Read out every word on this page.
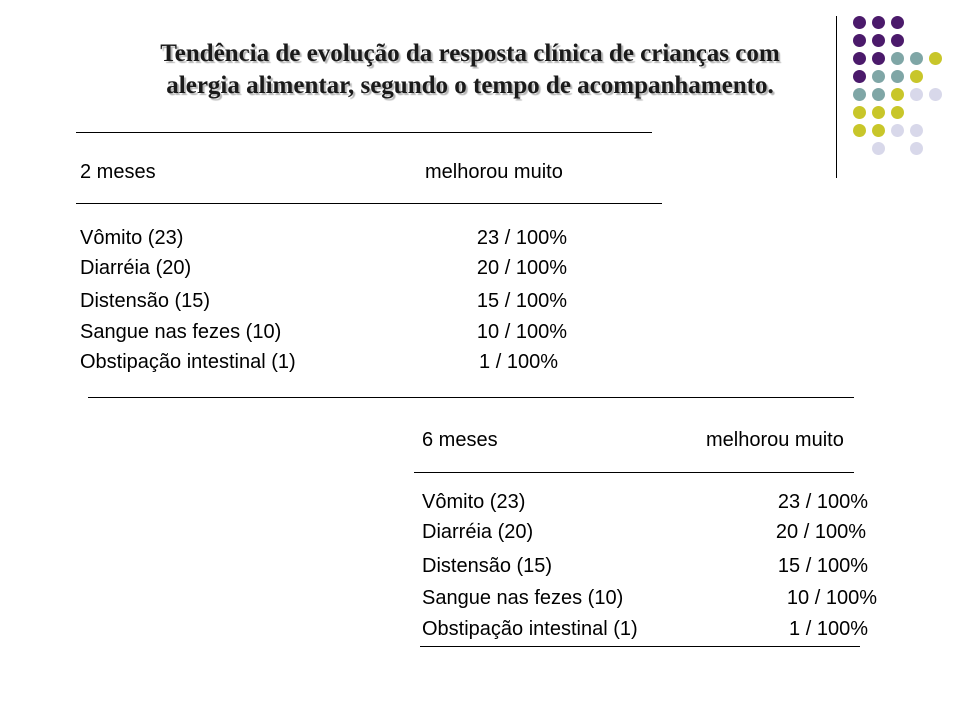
Tendência de evolução da resposta clínica de crianças com
alergia alimentar, segundo o tempo de acompanhamento.
2 meses	melhorou muito
Vômito (23)	23 / 100%
Diarréia (20)	20 / 100%
Distensão (15)	15 / 100%
Sangue nas fezes (10)	10 / 100%
Obstipação intestinal (1)	1 / 100%
6 meses	melhorou muito
Vômito (23)	23 / 100%
Diarréia (20)	20 / 100%
Distensão (15)	15 / 100%
Sangue nas fezes (10)	10 / 100%
Obstipação intestinal (1)	1 / 100%
